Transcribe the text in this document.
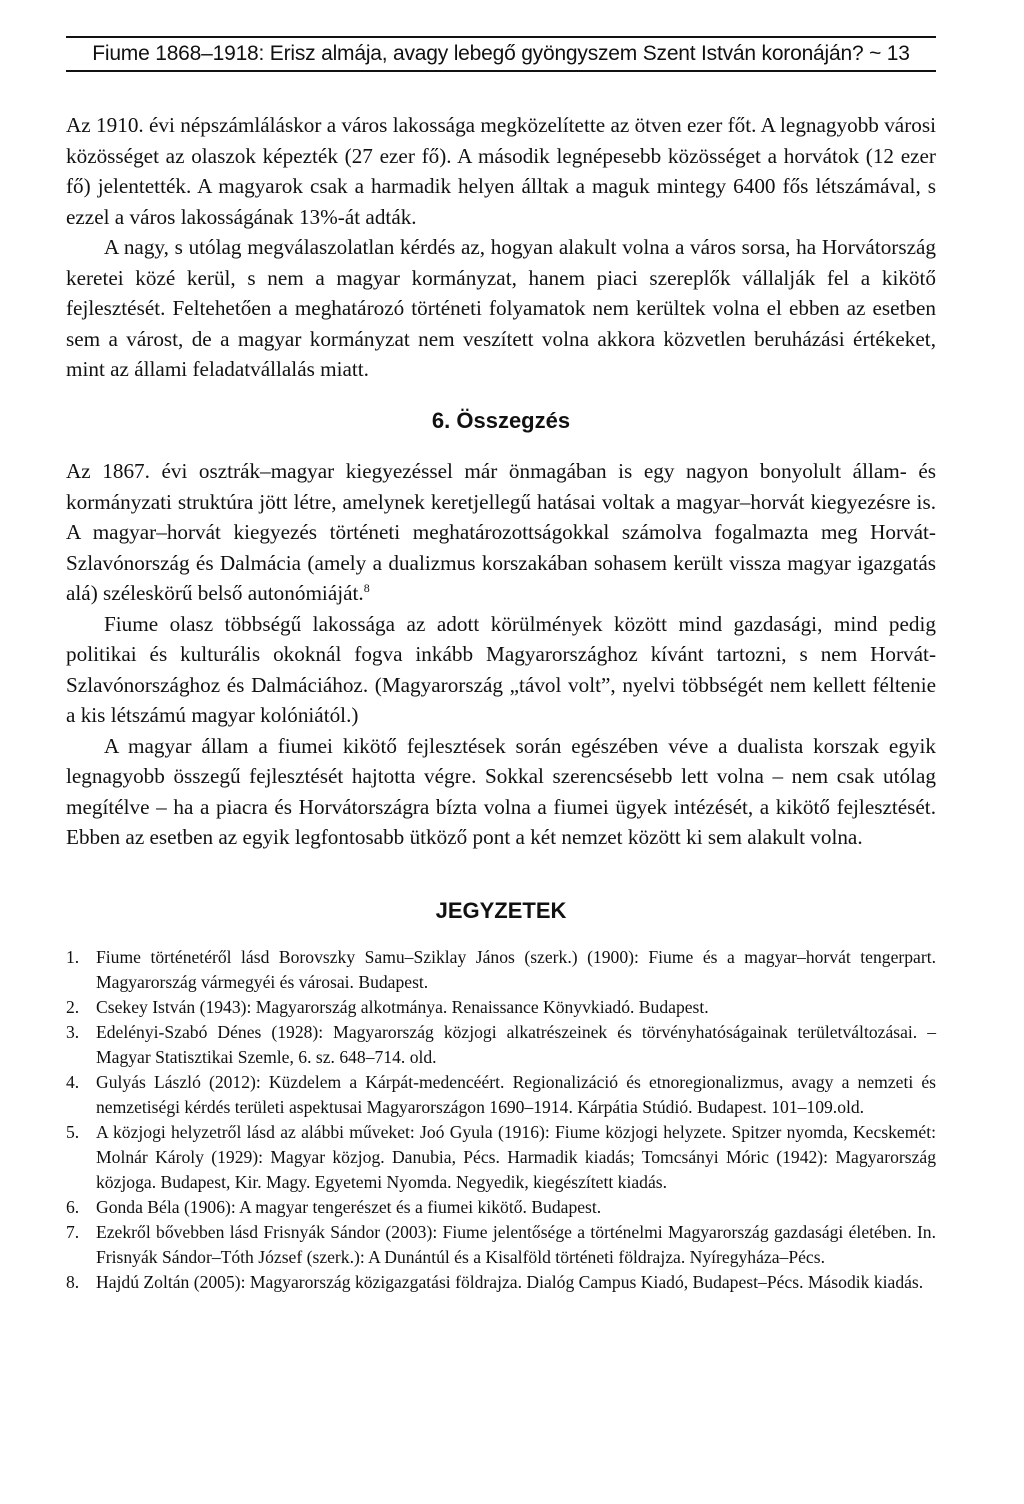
Fiume 1868–1918: Erisz almája, avagy lebegő gyöngyszem Szent István koronáján? ~ 13

Az 1910. évi népszámláláskor a város lakossága megközelítette az ötven ezer főt. A legnagyobb városi közösséget az olaszok képezték (27 ezer fő). A második legnépesebb közösséget a horvátok (12 ezer fő) jelentették. A magyarok csak a harmadik helyen álltak a maguk mintegy 6400 fős létszámával, s ezzel a város lakosságának 13%-át adták.

A nagy, s utólag megválaszolatlan kérdés az, hogyan alakult volna a város sorsa, ha Horvátország keretei közé kerül, s nem a magyar kormányzat, hanem piaci szereplők vállalják fel a kikötő fejlesztését. Feltehetően a meghatározó történeti folyamatok nem kerültek volna el ebben az esetben sem a várost, de a magyar kormányzat nem veszített volna akkora közvetlen beruházási értékeket, mint az állami feladatvállalás miatt.

6. Összegzés

Az 1867. évi osztrák–magyar kiegyezéssel már önmagában is egy nagyon bonyolult állam- és kormányzati struktúra jött létre, amelynek keretjellegű hatásai voltak a magyar–horvát kiegyezésre is. A magyar–horvát kiegyezés történeti meghatározottságokkal számolva fogalmazta meg Horvát-Szlavónország és Dalmácia (amely a dualizmus korszakában sohasem került vissza magyar igazgatás alá) széleskörű belső autonómiáját.$^8$

Fiume olasz többségű lakossága az adott körülmények között mind gazdasági, mind pedig politikai és kulturális okoknál fogva inkább Magyarországhoz kívánt tartozni, s nem Horvát-Szlavónországhoz és Dalmáciához. (Magyarország „távol volt”, nyelvi többségét nem kellett féltenie a kis létszámú magyar kolóniától.)

A magyar állam a fiumei kikötő fejlesztések során egészében véve a dualista korszak egyik legnagyobb összegű fejlesztését hajtotta végre. Sokkal szerencsésebb lett volna – nem csak utólag megítélve – ha a piacra és Horvátországra bízta volna a fiumei ügyek intézését, a kikötő fejlesztését. Ebben az esetben az egyik legfontosabb ütköző pont a két nemzet között ki sem alakult volna.

JEGYZETEK
1. Fiume történetéről lásd Borovszky Samu–Sziklay János (szerk.) (1900): Fiume és a magyar–horvát tengerpart. Magyarország vármegyéi és városai. Budapest.
2. Csekey István (1943): Magyarország alkotmánya. Renaissance Könyvkiadó. Budapest.
3. Edelényi-Szabó Dénes (1928): Magyarország közjogi alkatrészeinek és törvényhatóságainak területváltozásai. – Magyar Statisztikai Szemle, 6. sz. 648–714. old.
4. Gulyás László (2012): Küzdelem a Kárpát-medencéért. Regionalizáció és etnoregionalizmus, avagy a nemzeti és nemzetiségi kérdés területi aspektusai Magyarországon 1690–1914. Kárpátia Stúdió. Budapest. 101–109.old.
5. A közjogi helyzetről lásd az alábbi műveket: Joó Gyula (1916): Fiume közjogi helyzete. Spitzer nyomda, Kecskemét: Molnár Károly (1929): Magyar közjog. Danubia, Pécs. Harmadik kiadás; Tomcsányi Móric (1942): Magyarország közjoga. Budapest, Kir. Magy. Egyetemi Nyomda. Negyedik, kiegészített kiadás.
6. Gonda Béla (1906): A magyar tengerészet és a fiumei kikötő. Budapest.
7. Ezekről bővebben lásd Frisnyák Sándor (2003): Fiume jelentősége a történelmi Magyarország gazdasági életében. In. Frisnyák Sándor–Tóth József (szerk.): A Dunántúl és a Kisalföld történeti földrajza. Nyíregyháza–Pécs.
8. Hajdú Zoltán (2005): Magyarország közigazgatási földrajza. Dialóg Campus Kiadó, Budapest–Pécs. Második kiadás.
